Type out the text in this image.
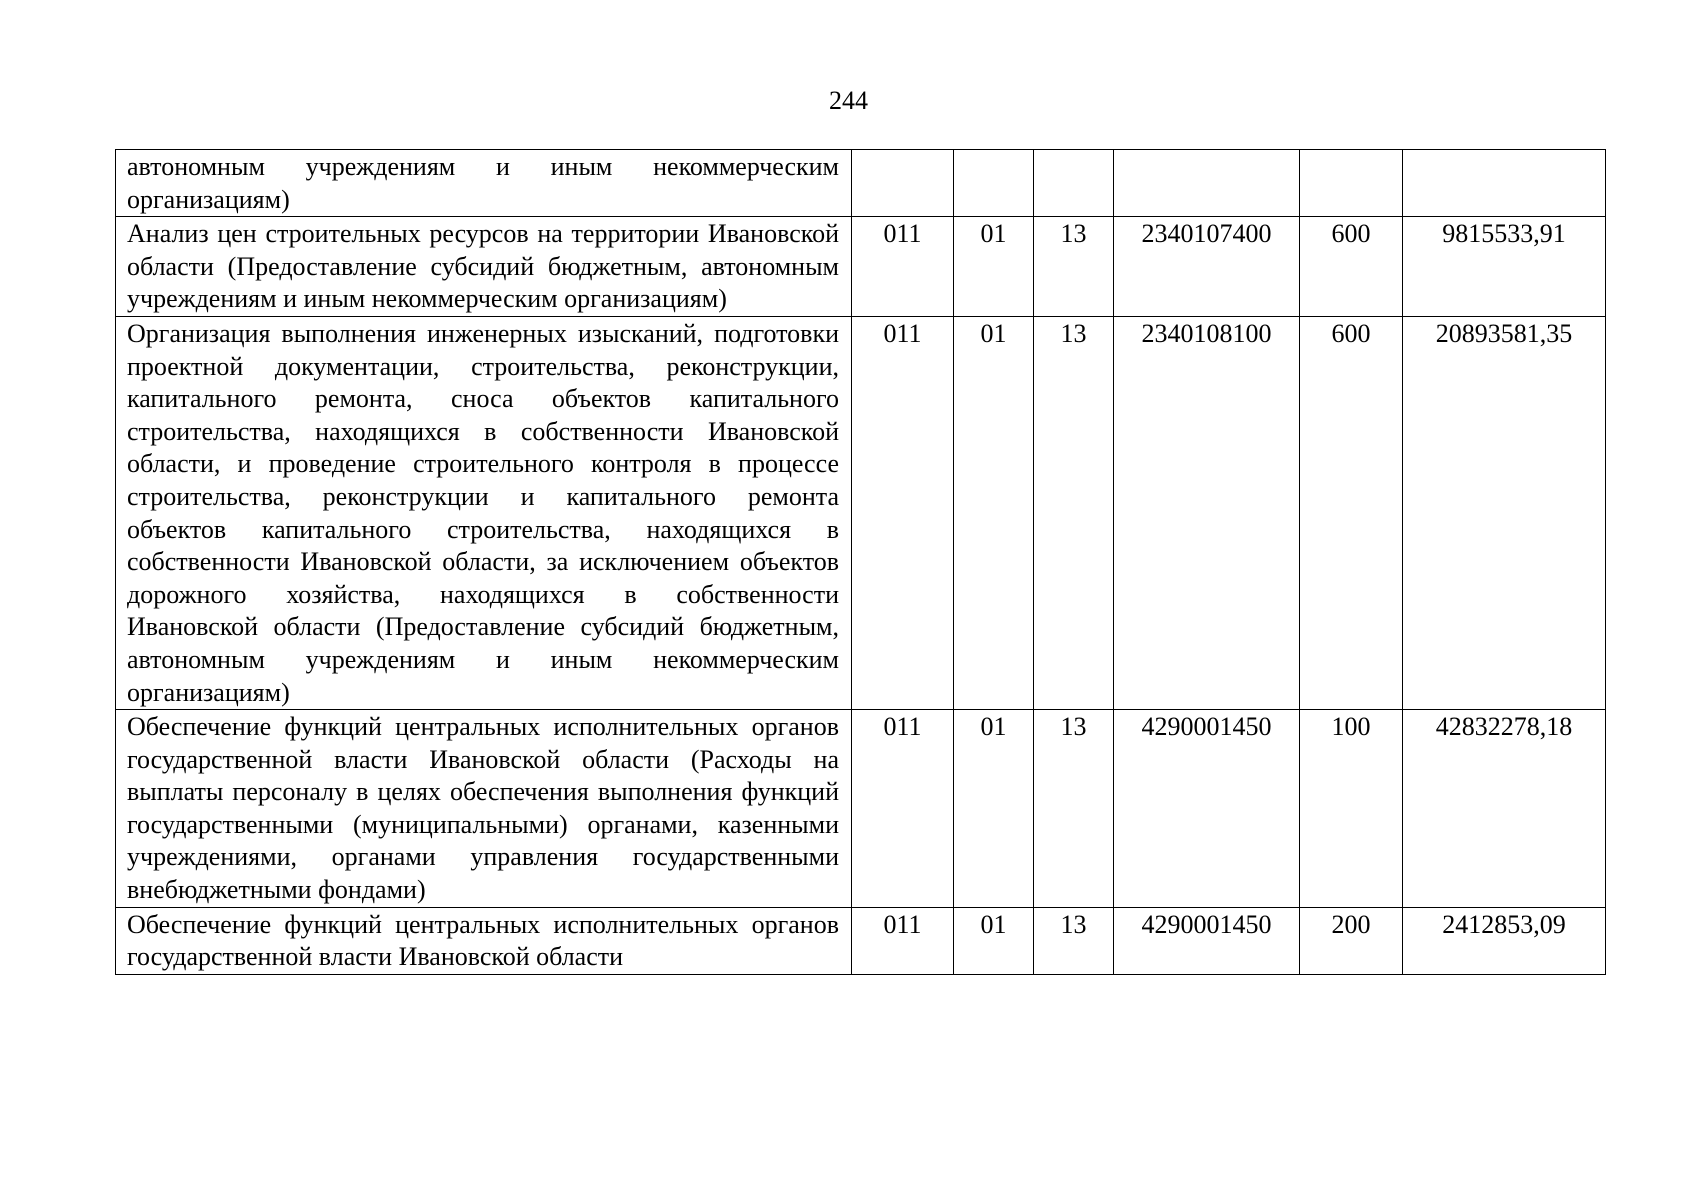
244
автономным учреждениям и иным некоммерческим организациям)						
Анализ цен строительных ресурсов на территории Ивановской области (Предоставление субсидий бюджетным, автономным учреждениям и иным некоммерческим организациям)	011	01	13	2340107400	600	9815533,91
Организация выполнения инженерных изысканий, подготовки проектной документации, строительства, реконструкции, капитального ремонта, сноса объектов капитального строительства, находящихся в собственности Ивановской области, и проведение строительного контроля в процессе строительства, реконструкции и капитального ремонта объектов капитального строительства, находящихся в собственности Ивановской области, за исключением объектов дорожного хозяйства, находящихся в собственности Ивановской области (Предоставление субсидий бюджетным, автономным учреждениям и иным некоммерческим организациям)	011	01	13	2340108100	600	20893581,35
Обеспечение функций центральных исполнительных органов государственной власти Ивановской области (Расходы на выплаты персоналу в целях обеспечения выполнения функций государственными (муниципальными) органами, казенными учреждениями, органами управления государственными внебюджетными фондами)	011	01	13	4290001450	100	42832278,18
Обеспечение функций центральных исполнительных органов государственной власти Ивановской области	011	01	13	4290001450	200	2412853,09
